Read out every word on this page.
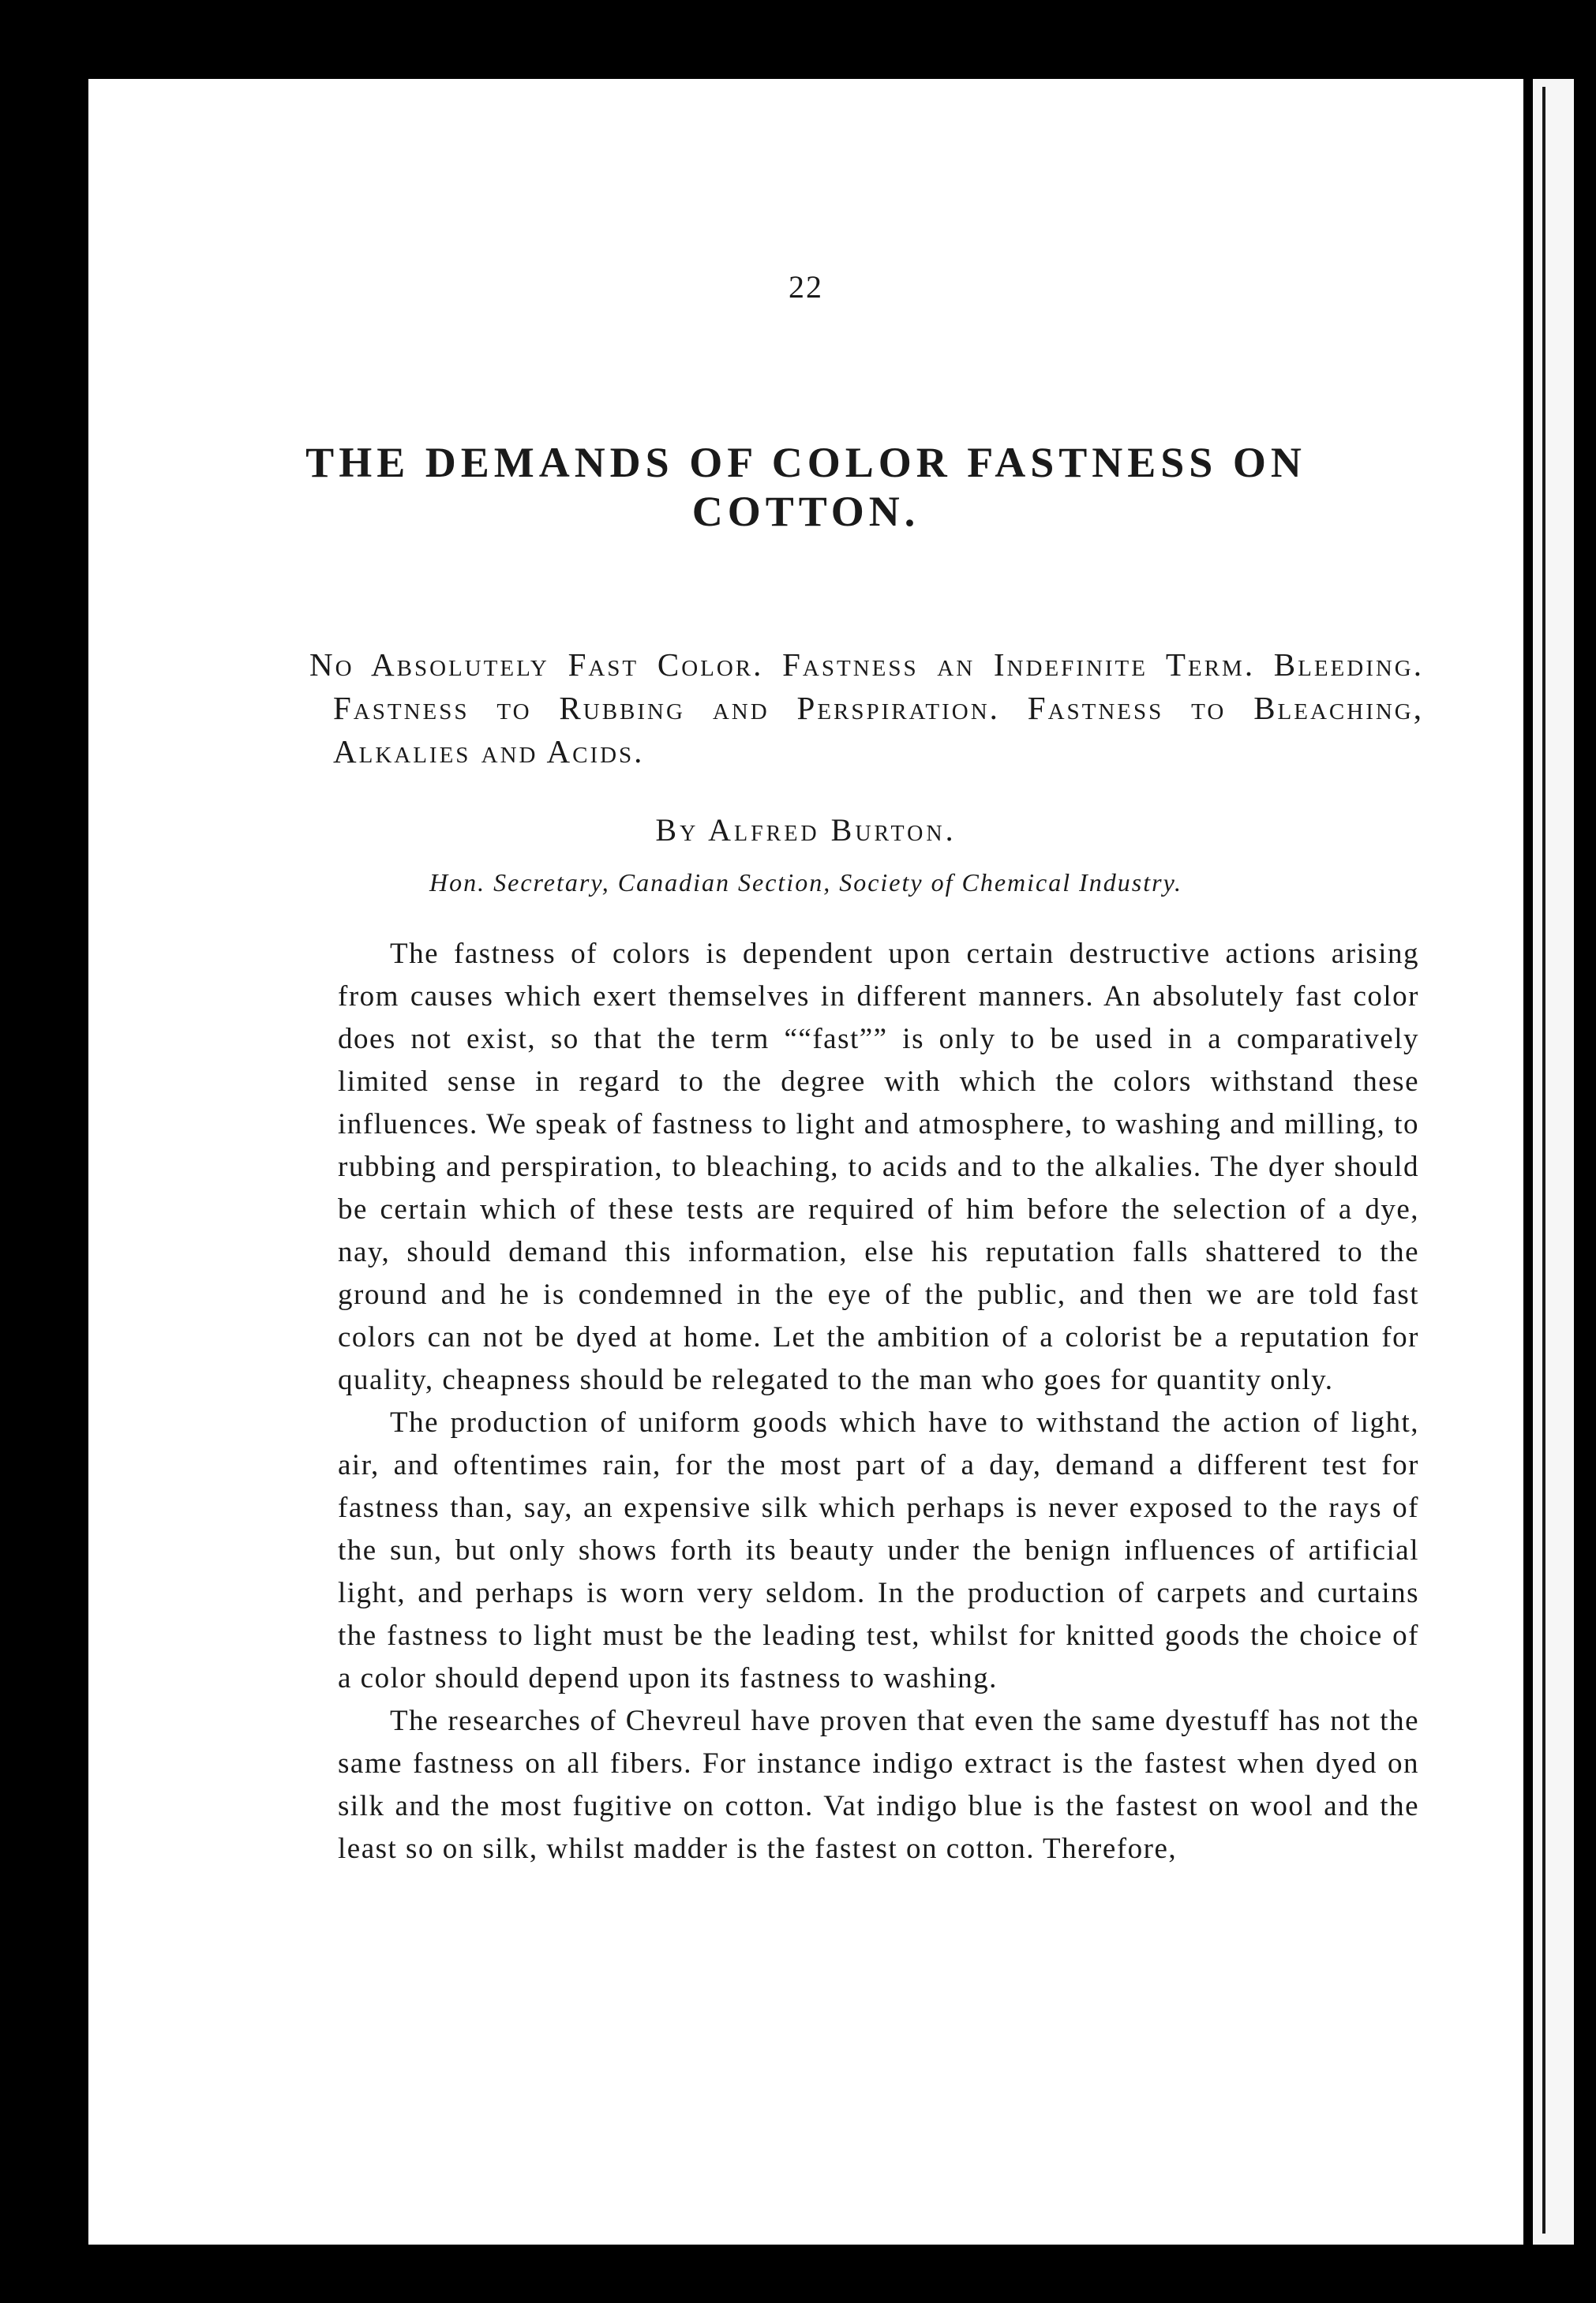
22
THE DEMANDS OF COLOR FASTNESS ON COTTON.
No Absolutely Fast Color. Fastness an Indefinite Term. Bleeding. Fastness to Rubbing and Perspiration. Fastness to Bleaching, Alkalies and Acids.
By Alfred Burton.
Hon. Secretary, Canadian Section, Society of Chemical Industry.

The fastness of colors is dependent upon certain destructive actions arising from causes which exert themselves in different manners. An absolutely fast color does not exist, so that the term ““fast”” is only to be used in a comparatively limited sense in regard to the degree with which the colors withstand these influences. We speak of fastness to light and atmosphere, to washing and milling, to rubbing and perspiration, to bleaching, to acids and to the alkalies. The dyer should be certain which of these tests are required of him before the selection of a dye, nay, should demand this information, else his reputation falls shattered to the ground and he is condemned in the eye of the public, and then we are told fast colors can not be dyed at home. Let the ambition of a colorist be a reputation for quality, cheapness should be relegated to the man who goes for quantity only.

The production of uniform goods which have to withstand the action of light, air, and oftentimes rain, for the most part of a day, demand a different test for fastness than, say, an expensive silk which perhaps is never exposed to the rays of the sun, but only shows forth its beauty under the benign influences of artificial light, and perhaps is worn very seldom. In the production of carpets and curtains the fastness to light must be the leading test, whilst for knitted goods the choice of a color should depend upon its fastness to washing.

The researches of Chevreul have proven that even the same dyestuff has not the same fastness on all fibers. For instance indigo extract is the fastest when dyed on silk and the most fugitive on cotton. Vat indigo blue is the fastest on wool and the least so on silk, whilst madder is the fastest on cotton. Therefore,
